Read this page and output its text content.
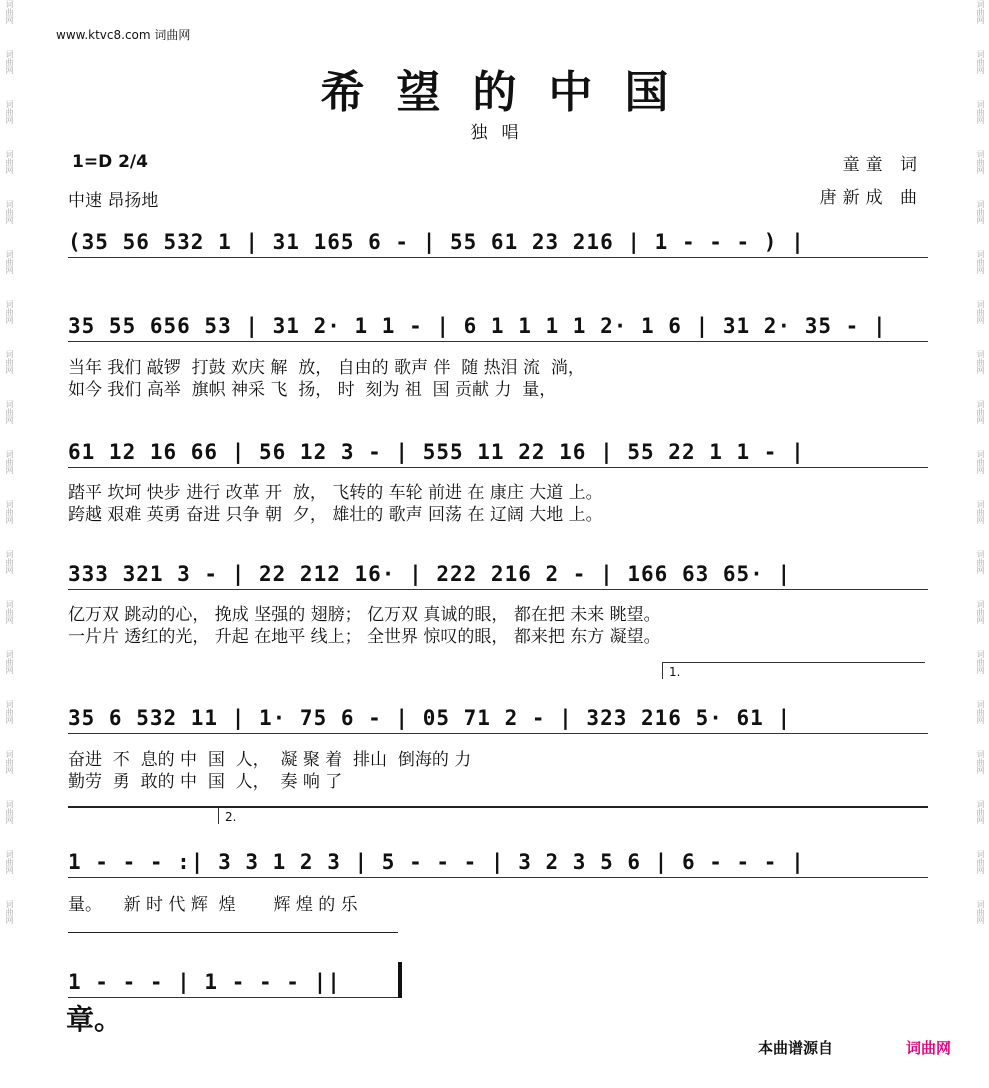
词曲网
词曲网
词曲网
词曲网
词曲网
词曲网
词曲网
词曲网
词曲网
词曲网
词曲网
词曲网
词曲网
词曲网
词曲网
词曲网
词曲网
词曲网
词曲网
词曲网
词曲网
词曲网
词曲网
词曲网
词曲网
词曲网
词曲网
词曲网
词曲网
词曲网
词曲网
词曲网
词曲网
词曲网
词曲网
词曲网
词曲网
词曲网
www.ktvc8.com 词曲网
希望的中国
独唱
1=D 2/4
中速 昂扬地
童童 词
唐新成 曲
(35 56 532 1 | 31 165 6 - | 55 61 23 216 | 1 - - - ) |
35 55 656 53 | 31 2· 1 1 - | 6 1 1 1 1 2· 1 6 | 31 2· 35 - |
当年 我们 敲锣  打鼓 欢庆 解  放， 自由的 歌声 伴  随 热泪 流  淌，
如今 我们 高举  旗帜 神采 飞  扬， 时  刻为 祖  国 贡献 力  量，
61 12 16 66 | 56 12 3 - | 555 11 22 16 | 55 22 1 1 - |
踏平 坎坷 快步 进行 改革 开  放， 飞转的 车轮 前进 在 康庄 大道 上。
跨越 艰难 英勇 奋进 只争 朝  夕， 雄壮的 歌声 回荡 在 辽阔 大地 上。
333 321 3 - | 22 212 16· | 222 216 2 - | 166 63 65· |
亿万双 跳动的心， 挽成 坚强的 翅膀； 亿万双 真诚的眼， 都在把 未来 眺望。
一片片 透红的光， 升起 在地平 线上； 全世界 惊叹的眼， 都来把 东方 凝望。
1.
35 6 532 11 | 1· 75 6 - | 05 71 2 - | 323 216 5· 61 |
奋进  不  息的 中  国  人，  凝 聚 着  排山  倒海的 力
勤劳  勇  敢的 中  国  人，  奏 响 了
2.
1 - - - :| 3 3 1 2 3 | 5 - - - | 3 2 3 5 6 | 6 - - - |
量。    新 时 代 辉  煌       辉 煌 的 乐
1 - - - | 1 - - - ||
章。
本曲谱源自	词曲网
